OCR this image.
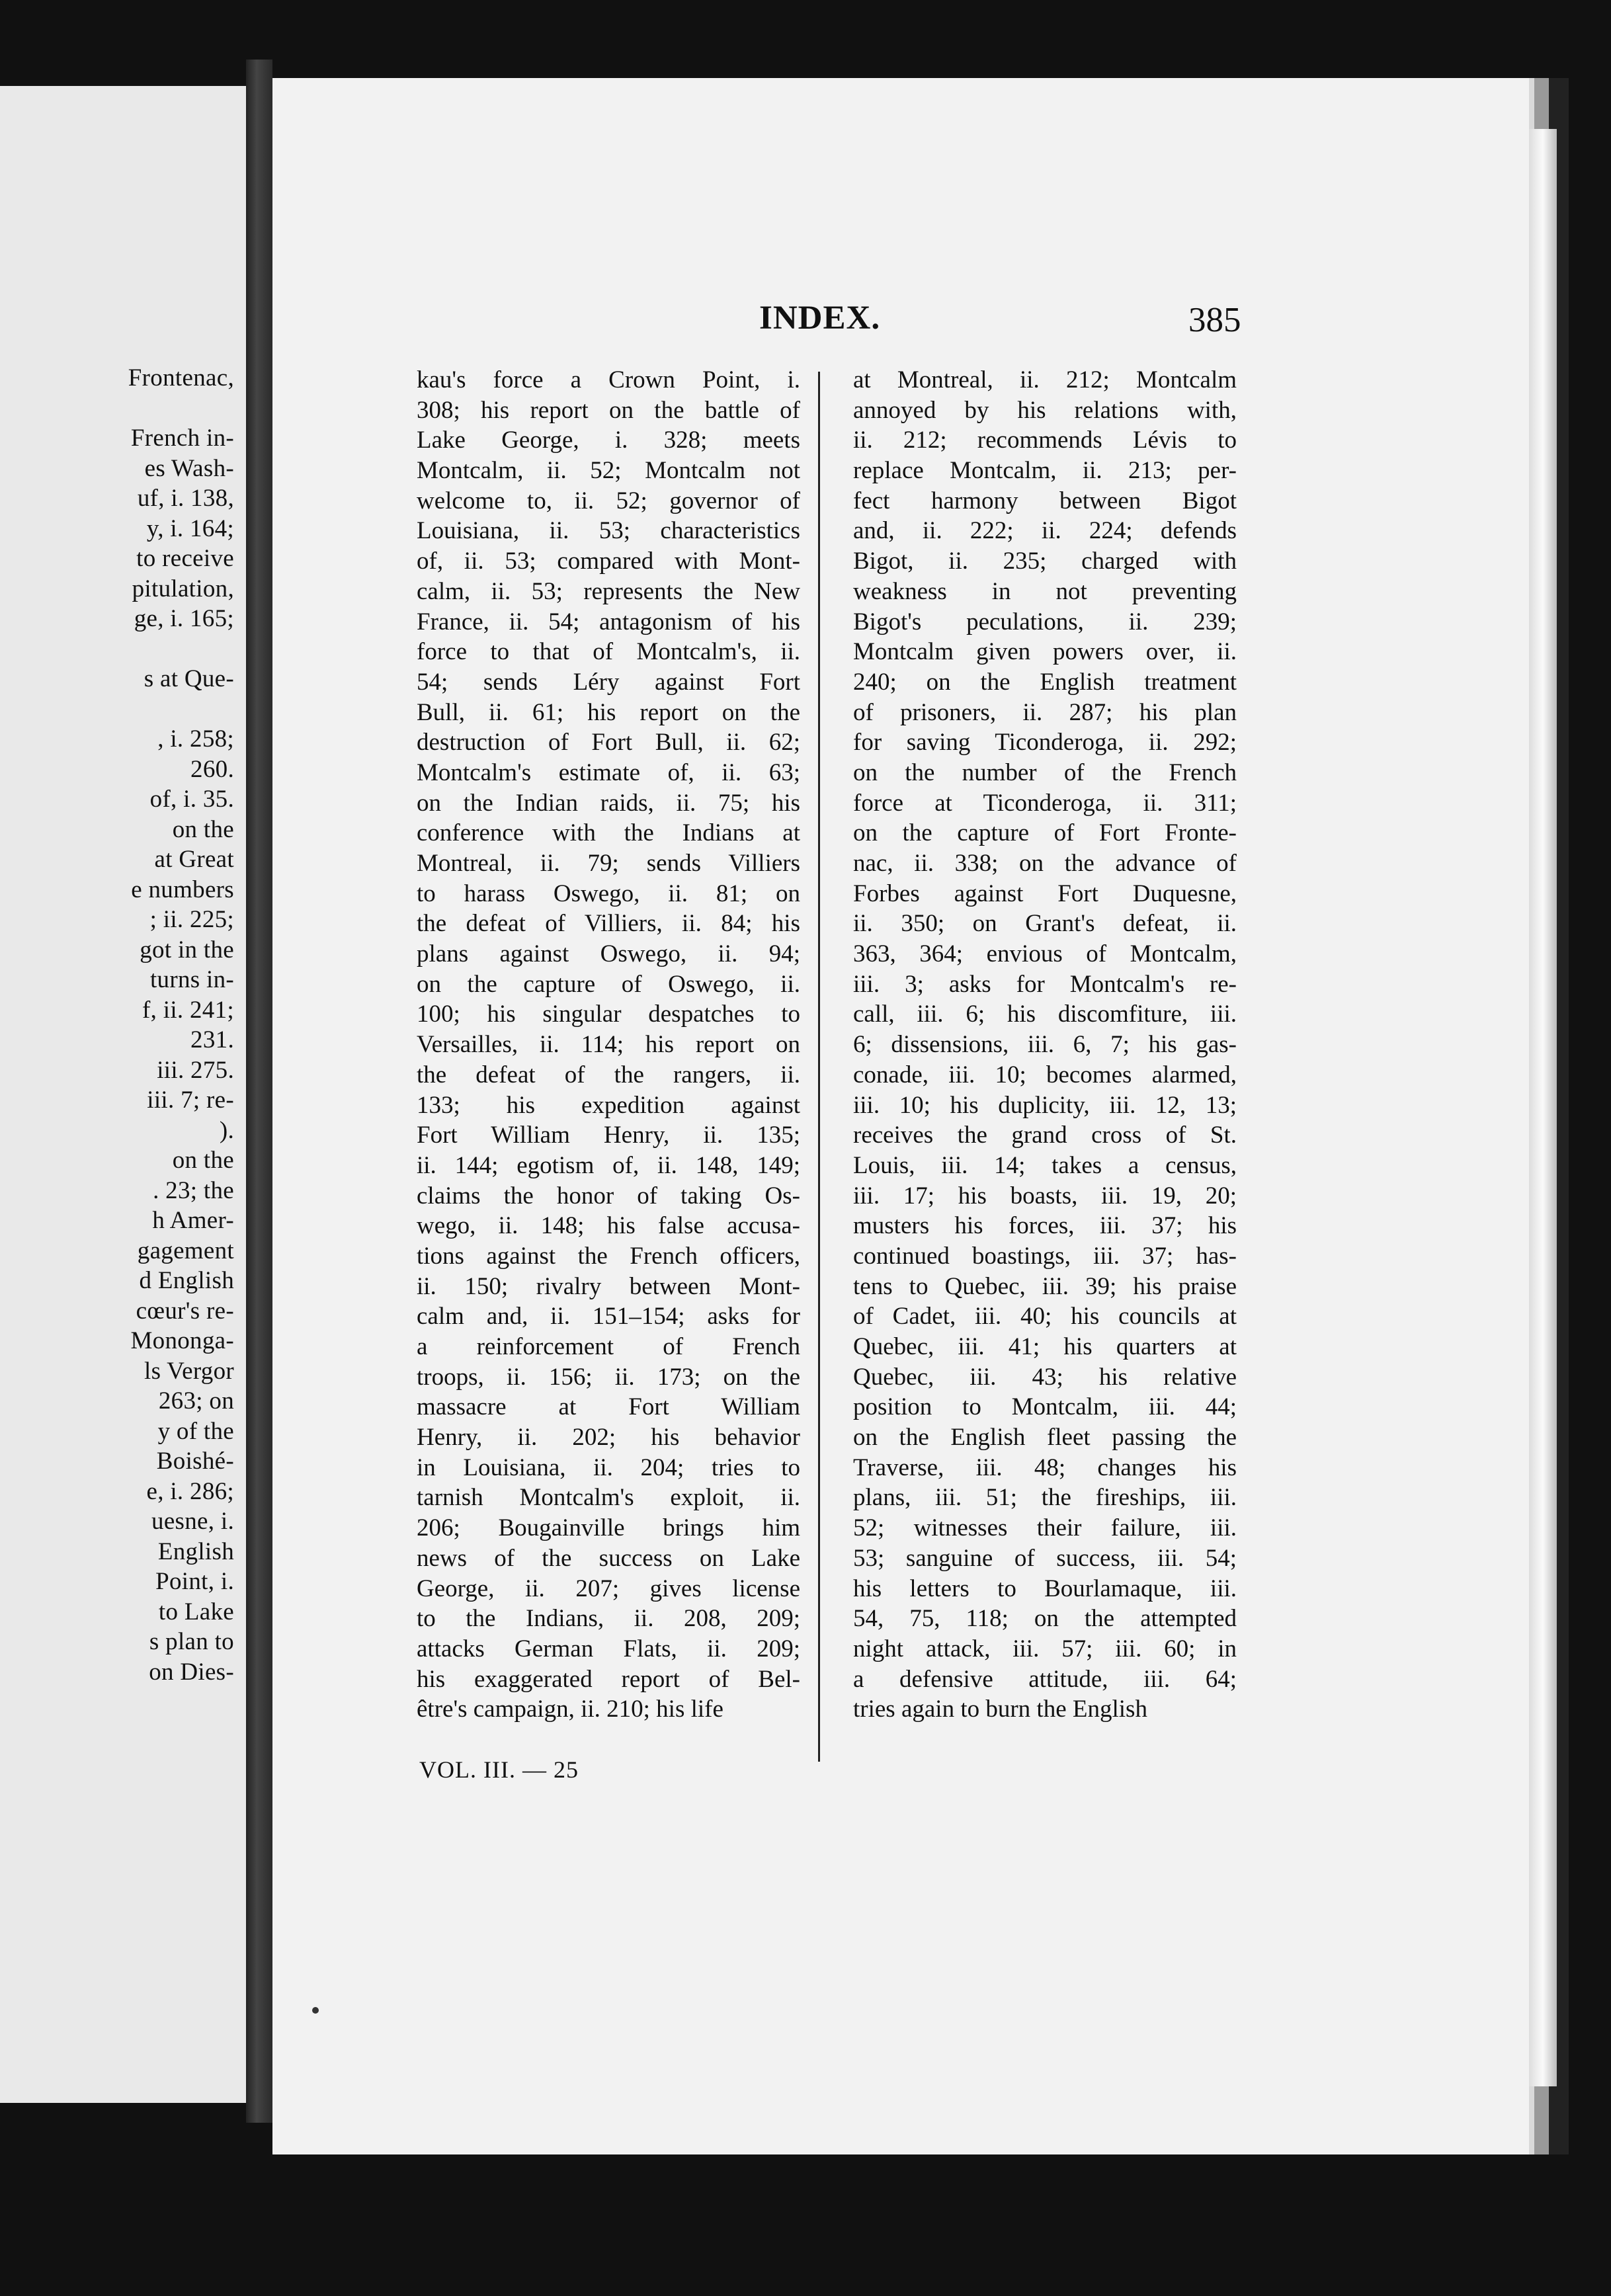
Frontenac,
French in-
es Wash-
uf, i. 138,
y, i. 164;
to receive
pitulation,
ge, i. 165;
s at Que-
, i. 258;
260.
of, i. 35.
on the
at Great
e numbers
; ii. 225;
got in the
turns in-
f, ii. 241;
231.
iii. 275.
iii. 7; re-
).
on the
. 23; the
h Amer-
gagement
d English
cœur's re-
Mononga-
ls Vergor
263; on
y of the
Boishé-
e, i. 286;
uesne, i.
English
Point, i.
to Lake
s plan to
on Dies-
INDEX.	385
kau's force a Crown Point, i.
308; his report on the battle of
Lake George, i. 328; meets
Montcalm, ii. 52; Montcalm not
welcome to, ii. 52; governor of
Louisiana, ii. 53; characteristics
of, ii. 53; compared with Mont-
calm, ii. 53; represents the New
France, ii. 54; antagonism of his
force to that of Montcalm's, ii.
54; sends Léry against Fort
Bull, ii. 61; his report on the
destruction of Fort Bull, ii. 62;
Montcalm's estimate of, ii. 63;
on the Indian raids, ii. 75; his
conference with the Indians at
Montreal, ii. 79; sends Villiers
to harass Oswego, ii. 81; on
the defeat of Villiers, ii. 84; his
plans against Oswego, ii. 94;
on the capture of Oswego, ii.
100; his singular despatches to
Versailles, ii. 114; his report on
the defeat of the rangers, ii.
133; his expedition against
Fort William Henry, ii. 135;
ii. 144; egotism of, ii. 148, 149;
claims the honor of taking Os-
wego, ii. 148; his false accusa-
tions against the French officers,
ii. 150; rivalry between Mont-
calm and, ii. 151–154; asks for
a reinforcement of French
troops, ii. 156; ii. 173; on the
massacre at Fort William
Henry, ii. 202; his behavior
in Louisiana, ii. 204; tries to
tarnish Montcalm's exploit, ii.
206; Bougainville brings him
news of the success on Lake
George, ii. 207; gives license
to the Indians, ii. 208, 209;
attacks German Flats, ii. 209;
his exaggerated report of Bel-
être's campaign, ii. 210; his life
at Montreal, ii. 212; Montcalm
annoyed by his relations with,
ii. 212; recommends Lévis to
replace Montcalm, ii. 213; per-
fect harmony between Bigot
and, ii. 222; ii. 224; defends
Bigot, ii. 235; charged with
weakness in not preventing
Bigot's peculations, ii. 239;
Montcalm given powers over, ii.
240; on the English treatment
of prisoners, ii. 287; his plan
for saving Ticonderoga, ii. 292;
on the number of the French
force at Ticonderoga, ii. 311;
on the capture of Fort Fronte-
nac, ii. 338; on the advance of
Forbes against Fort Duquesne,
ii. 350; on Grant's defeat, ii.
363, 364; envious of Montcalm,
iii. 3; asks for Montcalm's re-
call, iii. 6; his discomfiture, iii.
6; dissensions, iii. 6, 7; his gas-
conade, iii. 10; becomes alarmed,
iii. 10; his duplicity, iii. 12, 13;
receives the grand cross of St.
Louis, iii. 14; takes a census,
iii. 17; his boasts, iii. 19, 20;
musters his forces, iii. 37; his
continued boastings, iii. 37; has-
tens to Quebec, iii. 39; his praise
of Cadet, iii. 40; his councils at
Quebec, iii. 41; his quarters at
Quebec, iii. 43; his relative
position to Montcalm, iii. 44;
on the English fleet passing the
Traverse, iii. 48; changes his
plans, iii. 51; the fireships, iii.
52; witnesses their failure, iii.
53; sanguine of success, iii. 54;
his letters to Bourlamaque, iii.
54, 75, 118; on the attempted
night attack, iii. 57; iii. 60; in
a defensive attitude, iii. 64;
tries again to burn the English
VOL. III. — 25
